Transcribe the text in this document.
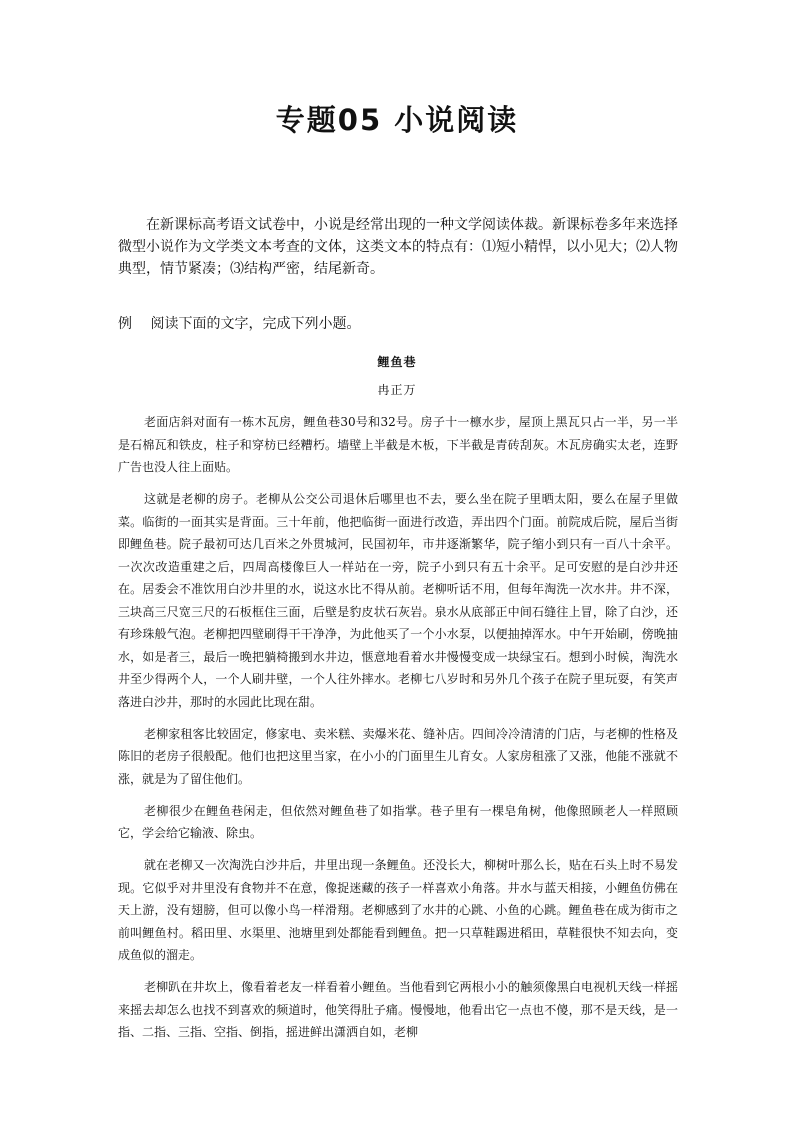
专题05 小说阅读

在新课标高考语文试卷中，小说是经常出现的一种文学阅读体裁。新课标卷多年来选择微型小说作为文学类文本考查的文体，这类文本的特点有：⑴短小精悍，以小见大；⑵人物典型，情节紧凑；⑶结构严密，结尾新奇。

例 阅读下面的文字，完成下列小题。
鲤鱼巷
冉正万

老面店斜对面有一栋木瓦房，鲤鱼巷30号和32号。房子十一檩水步，屋顶上黑瓦只占一半，另一半是石棉瓦和铁皮，柱子和穿枋已经糟朽。墙壁上半截是木板，下半截是青砖刮灰。木瓦房确实太老，连野广告也没人往上面贴。

这就是老柳的房子。老柳从公交公司退休后哪里也不去，要么坐在院子里晒太阳，要么在屋子里做菜。临街的一面其实是背面。三十年前，他把临街一面进行改造，弄出四个门面。前院成后院，屋后当街即鲤鱼巷。院子最初可达几百米之外贯城河，民国初年，市井逐渐繁华，院子缩小到只有一百八十余平。一次次改造重建之后，四周高楼像巨人一样站在一旁，院子小到只有五十余平。足可安慰的是白沙井还在。居委会不准饮用白沙井里的水，说这水比不得从前。老柳听话不用，但每年淘洗一次水井。井不深，三块高三尺宽三尺的石板框住三面，后壁是豹皮状石灰岩。泉水从底部正中间石缝往上冒，除了白沙，还有珍珠般气泡。老柳把四壁刷得干干净净，为此他买了一个小水泵，以便抽掉浑水。中午开始刷，傍晚抽水，如是者三，最后一晚把躺椅搬到水井边，惬意地看着水井慢慢变成一块绿宝石。想到小时候，淘洗水井至少得两个人，一个人刷井壁，一个人往外摔水。老柳七八岁时和另外几个孩子在院子里玩耍，有笑声落进白沙井，那时的水园此比现在甜。

老柳家租客比较固定，修家电、卖米糕、卖爆米花、缝补店。四间冷冷清清的门店，与老柳的性格及陈旧的老房子很般配。他们也把这里当家，在小小的门面里生儿育女。人家房租涨了又涨，他能不涨就不涨，就是为了留住他们。

老柳很少在鲤鱼巷闲走，但依然对鲤鱼巷了如指掌。巷子里有一棵皂角树，他像照顾老人一样照顾它，学会给它输液、除虫。

就在老柳又一次淘洗白沙井后，井里出现一条鲤鱼。还没长大，柳树叶那么长，贴在石头上时不易发现。它似乎对井里没有食物并不在意，像捉迷藏的孩子一样喜欢小角落。井水与蓝天相接，小鲤鱼仿佛在天上游，没有翅膀，但可以像小鸟一样滑翔。老柳感到了水井的心跳、小鱼的心跳。鲤鱼巷在成为街市之前叫鲤鱼村。稻田里、水渠里、池塘里到处都能看到鲤鱼。把一只草鞋踢进稻田，草鞋很快不知去向，变成鱼似的溜走。

老柳趴在井坎上，像看着老友一样看着小鲤鱼。当他看到它两根小小的触须像黑白电视机天线一样摇来摇去却怎么也找不到喜欢的频道时，他笑得肚子痛。慢慢地，他看出它一点也不傻，那不是天线，是一指、二指、三指、空指、倒指，摇进鲜出潇洒自如，老柳
